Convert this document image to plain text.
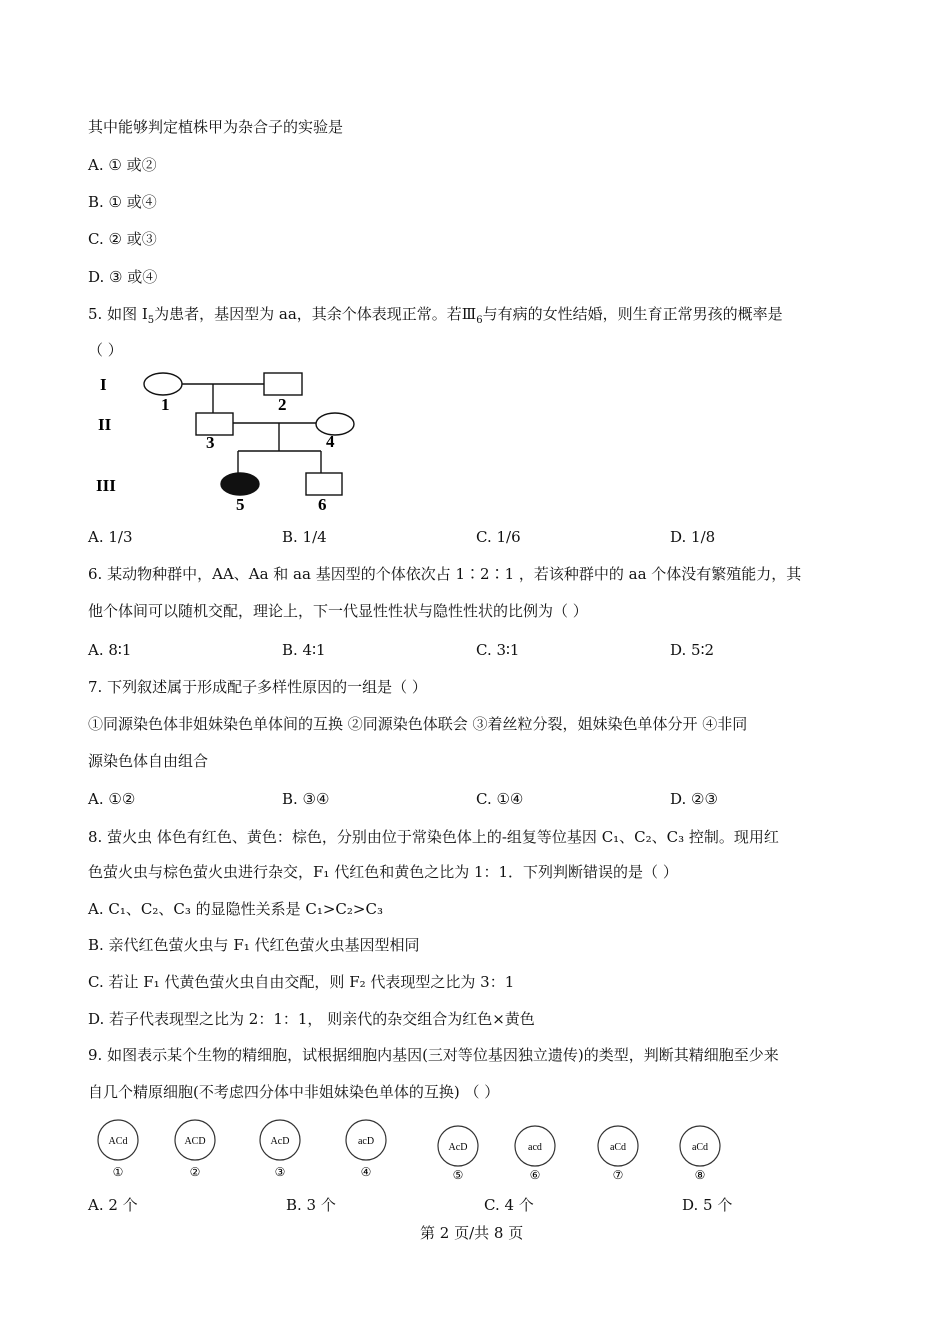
其中能够判定植株甲为杂合子的实验是
A. ① 或②
B. ① 或④
C. ② 或③
D. ③ 或④
5. 如图 $I_5$为患者，基因型为 aa，其余个体表现正常。若$Ⅲ_6$与有病的女性结婚，则生育正常男孩的概率是
（ ）
I
II
III
1	2
3	4
5	6
A. 1/3	B. 1/4	C. 1/6	D. 1/8
6. 某动物种群中，AA、Aa 和 aa 基因型的个体依次占 1∶2∶1 ，若该种群中的 aa 个体没有繁殖能力，其
他个体间可以随机交配，理论上，下一代显性性状与隐性性状的比例为（ ）
A. 8∶1	B. 4∶1	C. 3∶1	D. 5∶2
7. 下列叙述属于形成配子多样性原因的一组是（ ）
①同源染色体非姐妹染色单体间的互换 ②同源染色体联会 ③着丝粒分裂，姐妹染色单体分开 ④非同
源染色体自由组合
A. ①②	B. ③④	C. ①④	D. ②③
8. 萤火虫 体色有红色、黄色：棕色，分别由位于常染色体上的-组复等位基因 C₁、C₂、C₃ 控制。现用红
色萤火虫与棕色萤火虫进行杂交，F₁ 代红色和黄色之比为 1：1．下列判断错误的是（ ）
A. C₁、C₂、C₃ 的显隐性关系是 C₁>C₂>C₃
B. 亲代红色萤火虫与 F₁ 代红色萤火虫基因型相同
C. 若让 F₁ 代黄色萤火虫自由交配，则 F₂ 代表现型之比为 3：1
D. 若子代表现型之比为 2：1：1， 则亲代的杂交组合为红色×黄色
9. 如图表示某个生物的精细胞，试根据细胞内基因(三对等位基因独立遗传)的类型，判断其精细胞至少来
自几个精原细胞(不考虑四分体中非姐妹染色单体的互换) （ ）
ACd
①
ACD
②
AcD
③
acD
④
AcD
⑤
acd
⑥
aCd
⑦
aCd
⑧
A. 2 个	B. 3 个	C. 4 个	D. 5 个
第 2 页/共 8 页
